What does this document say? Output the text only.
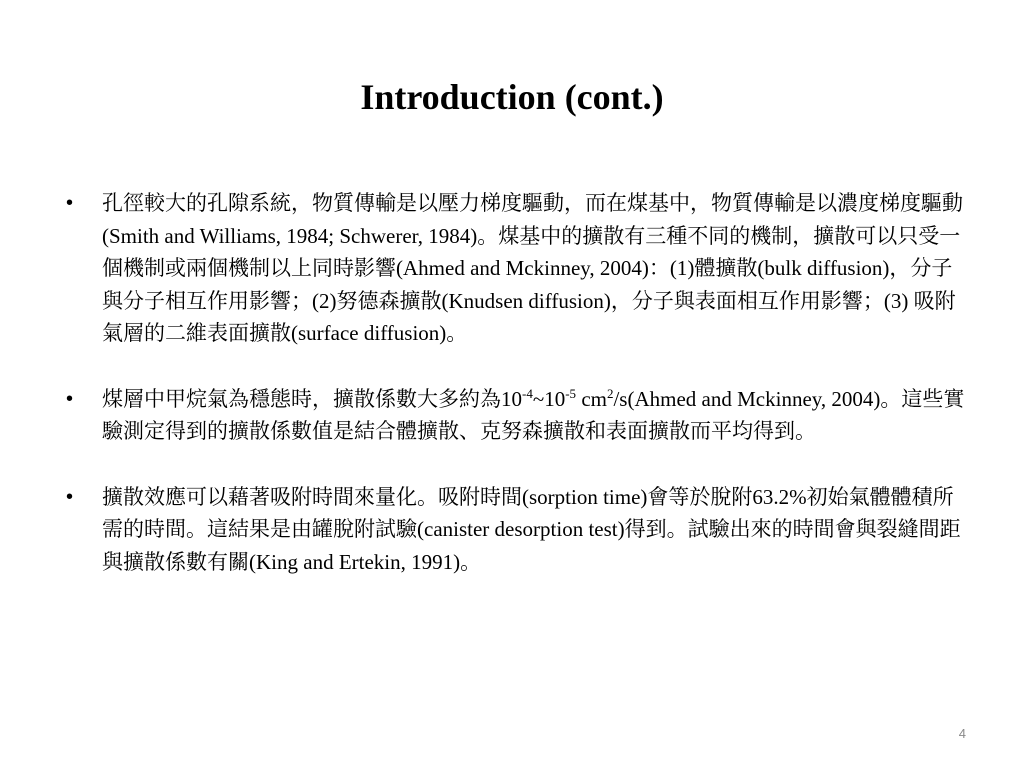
Introduction (cont.)
• 孔徑較大的孔隙系統，物質傳輸是以壓力梯度驅動，而在煤基中，物質傳輸是以濃度梯度驅動(Smith and Williams, 1984; Schwerer, 1984)。煤基中的擴散有三種不同的機制，擴散可以只受一個機制或兩個機制以上同時影響(Ahmed and Mckinney, 2004)：(1)體擴散(bulk diffusion)，分子與分子相互作用影響；(2)努德森擴散(Knudsen diffusion)，分子與表面相互作用影響；(3) 吸附氣層的二維表面擴散(surface diffusion)。
• 煤層中甲烷氣為穩態時，擴散係數大多約為$10^{-4}\sim 10^{-5}$ $cm^2/s(Ahmed$ and Mckinney, 2004)。這些實驗測定得到的擴散係數值是結合體擴散、克努森擴散和表面擴散而平均得到。
• 擴散效應可以藉著吸附時間來量化。吸附時間(sorption time)會等於脫附63.2%初始氣體體積所需的時間。這結果是由罐脫附試驗(canister desorption test)得到。試驗出來的時間會與裂縫間距與擴散係數有關(King and Ertekin, 1991)。
4
